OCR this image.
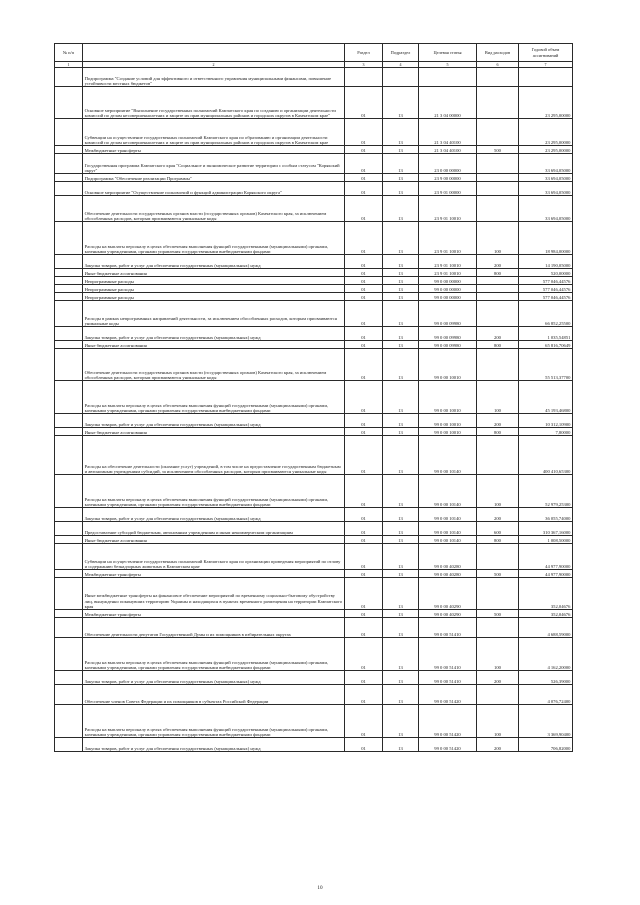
№ п/п		Раздел	Подраздел	Целевая статья	Вид расходов	Годовой объем ассигнований
1	2	3	4	5	6	7
	Подпрограмма "Создание условий для эффективного и ответственного управления муниципальными финансами, повышение устойчивости местных бюджетов"					
	Основное мероприятие "Выполнение государственных полномочий Камчатского края по созданию и организации деятельности комиссий по делам несовершеннолетних и защите их прав муниципальных районов и городских округов в Камчатском крае"	01	13	21 3 04 00000		23 295,00000
	Субвенции на осуществление государственных полномочий Камчатского края по образованию и организации деятельности комиссий по делам несовершеннолетних и защите их прав муниципальных районов и городских округов в Камчатском крае	01	13	21 3 04 40100		23 295,00000
	Межбюджетные трансферты	01	13	21 3 04 40100	500	23 295,00000
	Государственная программа Камчатского края "Социальное и экономическое развитие территории с особым статусом "Корякский округ"	01	13	23 0 00 00000		33 694,05000
	Подпрограмма "Обеспечение реализации Программы"	01	13	23 9 00 00000		33 694,05000
	Основное мероприятие "Осуществление полномочий и функций администрации Корякского округа"	01	13	23 9 01 00000		33 694,05000
	Обеспечение деятельности государственных органов власти (государственных органов) Камчатского края, за исключением обособленных расходов, которым присваиваются уникальные коды	01	13	23 9 01 10010		33 694,05000
	Расходы на выплаты персоналу в целях обеспечения выполнения функций государственными (муниципальными) органами, казенными учреждениями, органами управления государственными внебюджетными фондами	01	13	23 9 01 10010	100	18 984,00000
	Закупка товаров, работ и услуг для обеспечения государственных (муниципальных) нужд	01	13	23 9 01 10010	200	14 190,05000
	Иные бюджетные ассигнования	01	13	23 9 01 10010	800	520,00000
	Непрограммные расходы	01	13	99 0 00 00000		577 046,44576
	Непрограммные расходы	01	13	99 0 00 00000		577 046,44576
	Непрограммные расходы	01	13	99 0 00 00000		577 046,44576
	Расходы в рамках непрограммных направлений деятельности, за исключением обособленных расходов, которым присваиваются уникальные коды	01	13	99 0 00 09980		66 852,25500
	Закупка товаров, работ и услуг для обеспечения государственных (муниципальных) нужд	01	13	99 0 00 09980	200	1 035,54851
	Иные бюджетные ассигнования	01	13	99 0 00 09980	800	65 816,70649
	Обеспечение деятельности государственных органов власти (государственных органов) Камчатского края, за исключением обособленных расходов, которым присваиваются уникальные коды	01	13	99 0 00 10010		55 513,37700
	Расходы на выплаты персоналу в целях обеспечения выполнения функций государственными (муниципальными) органами, казенными учреждениями, органами управления государственными внебюджетными фондами	01	13	99 0 00 10010	100	45 193,46800
	Закупка товаров, работ и услуг для обеспечения государственных (муниципальных) нужд	01	13	99 0 00 10010	200	10 312,10900
	Иные бюджетные ассигнования	01	13	99 0 00 10010	800	7,80000
	Расходы на обеспечение деятельности (оказание услуг) учреждений, в том числе на предоставление государственным бюджетным и автономным учреждениям субсидий, за исключением обособленных расходов, которым присваиваются уникальные коды	01	13	99 0 00 10140		400 410,65300
	Расходы на выплаты персоналу в целях обеспечения выполнения функций государственными (муниципальными) органами, казенными учреждениями, органами управления государственными внебюджетными фондами	01	13	99 0 00 10140	100	52 979,25300
	Закупка товаров, работ и услуг для обеспечения государственных (муниципальных) нужд	01	13	99 0 00 10140	200	36 055,74000
	Предоставление субсидий бюджетным, автономным учреждениям и иным некоммерческим организациям	01	13	99 0 00 10140	600	310 367,16000
	Иные бюджетные ассигнования	01	13	99 0 00 10140	800	1 008,50000
	Субвенции на осуществление государственных полномочий Камчатского края по организации проведения мероприятий по отлову и содержанию безнадзорных животных в Камчатском крае	01	13	99 0 00 40280		44 977,90000
	Межбюджетные трансферты	01	13	99 0 00 40280	500	44 977,90000
	Иные межбюджетные трансферты на финансовое обеспечение мероприятий по временному социально-бытовому обустройству лиц, вынужденно покинувших территорию Украины и находящихся в пунктах временного размещения на территории Камчатского края	01	13	99 0 00 40290		352,04676
	Межбюджетные трансферты	01	13	99 0 00 40290	500	352,04676
	Обеспечение деятельности депутатов Государственной Думы и их помощников в избирательных округах	01	13	99 0 00 51410		4 688,59000
	Расходы на выплаты персоналу в целях обеспечения выполнения функций государственными (муниципальными) органами, казенными учреждениями, органами управления государственными внебюджетными фондами	01	13	99 0 00 51410	100	4 162,20000
	Закупка товаров, работ и услуг для обеспечения государственных (муниципальных) нужд	01	13	99 0 00 51410	200	526,39000
	Обеспечение членов Совета Федерации и их помощников в субъектах Российской Федерации	01	13	99 0 00 51420		4 076,72400
	Расходы на выплаты персоналу в целях обеспечения выполнения функций государственными (муниципальными) органами, казенными учреждениями, органами управления государственными внебюджетными фондами	01	13	99 0 00 51420	100	3 369,90400
	Закупка товаров, работ и услуг для обеспечения государственных (муниципальных) нужд	01	13	99 0 00 51420	200	706,82000
10
